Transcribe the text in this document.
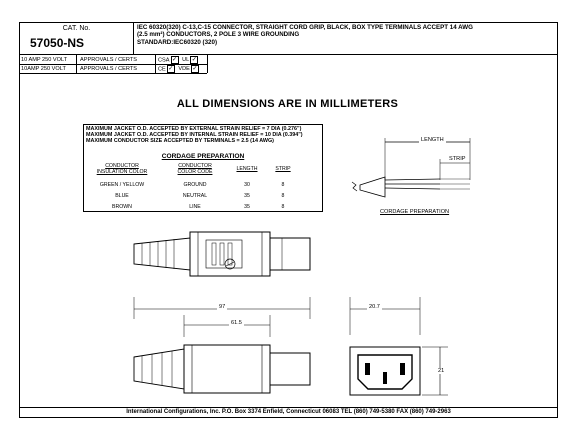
CAT. No.
57050-NS
IEC 60320(320) C-13,C-15 CONNECTOR, STRAIGHT CORD GRIP, BLACK, BOX TYPE TERMINALS ACCEPT 14 AWG
(2.5 mm²) CONDUCTORS, 2 POLE 3 WIRE GROUNDING
STANDARD:IEC60320 (320)
10 AMP 250 VOLT APPROVALS / CERTS	CSA ✓ UL ✓
10AMP 250 VOLT	APPROVALS / CERTS	CE ✓ VDE ✓
ALL DIMENSIONS ARE IN MILLIMETERS
MAXIMUM JACKET O.D. ACCEPTED BY EXTERNAL STRAIN RELIEF = 7 DIA (0.276")
MAXIMUM JACKET O.D. ACCEPTED BY INTERNAL STRAIN RELIEF = 10 DIA (0.394")
MAXIMUM CONDUCTOR SIZE ACCEPTED BY TERMINALS = 2.5 (14 AWG)
CORDAGE PREPARATION
CONDUCTOR INSULATION COLOR
CONDUCTOR COLOR CODE	LENGTH	STRIP
GREEN / YELLOW	GROUND	30	8
BLUE	NEUTRAL	35	8
BROWN	LINE	35	8
LENGTH
STRIP
CORDAGE PREPARATION
97
61.5
20.7
21
International Configurations, Inc. P.O. Box 3374 Enfield, Connecticut 06083 TEL (860) 749-5380 FAX (860) 749-2963
